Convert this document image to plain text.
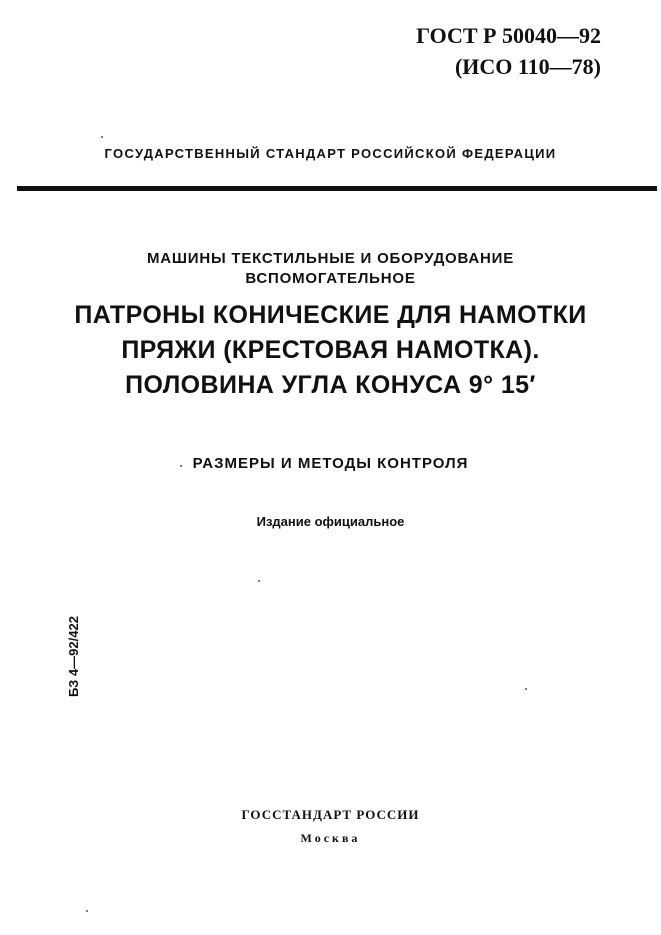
ГОСТ Р 50040—92
(ИСО 110—78)
ГОСУДАРСТВЕННЫЙ СТАНДАРТ РОССИЙСКОЙ ФЕДЕРАЦИИ
МАШИНЫ ТЕКСТИЛЬНЫЕ И ОБОРУДОВАНИЕ
ВСПОМОГАТЕЛЬНОЕ
ПАТРОНЫ КОНИЧЕСКИЕ ДЛЯ НАМОТКИ
ПРЯЖИ (КРЕСТОВАЯ НАМОТКА).
ПОЛОВИНА УГЛА КОНУСА 9° 15′
РАЗМЕРЫ И МЕТОДЫ КОНТРОЛЯ
Издание официальное
БЗ 4—92/422
ГОССТАНДАРТ РОССИИ
Москва
